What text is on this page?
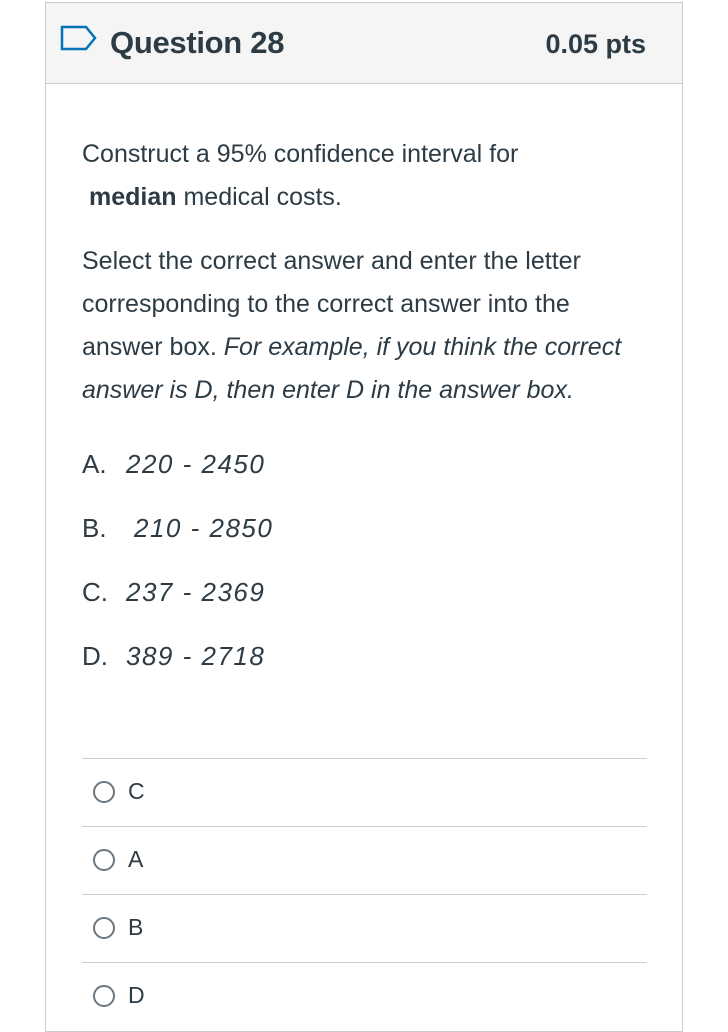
Question 28	0.05 pts

Construct a 95% confidence interval for
median medical costs.

Select the correct answer and enter the letter corresponding to the correct answer into the answer box. For example, if you think the correct answer is D, then enter D in the answer box.

A. 220 - 2450
B. 210 - 2850
C. 237 - 2369
D. 389 - 2718
C
A
B
D
